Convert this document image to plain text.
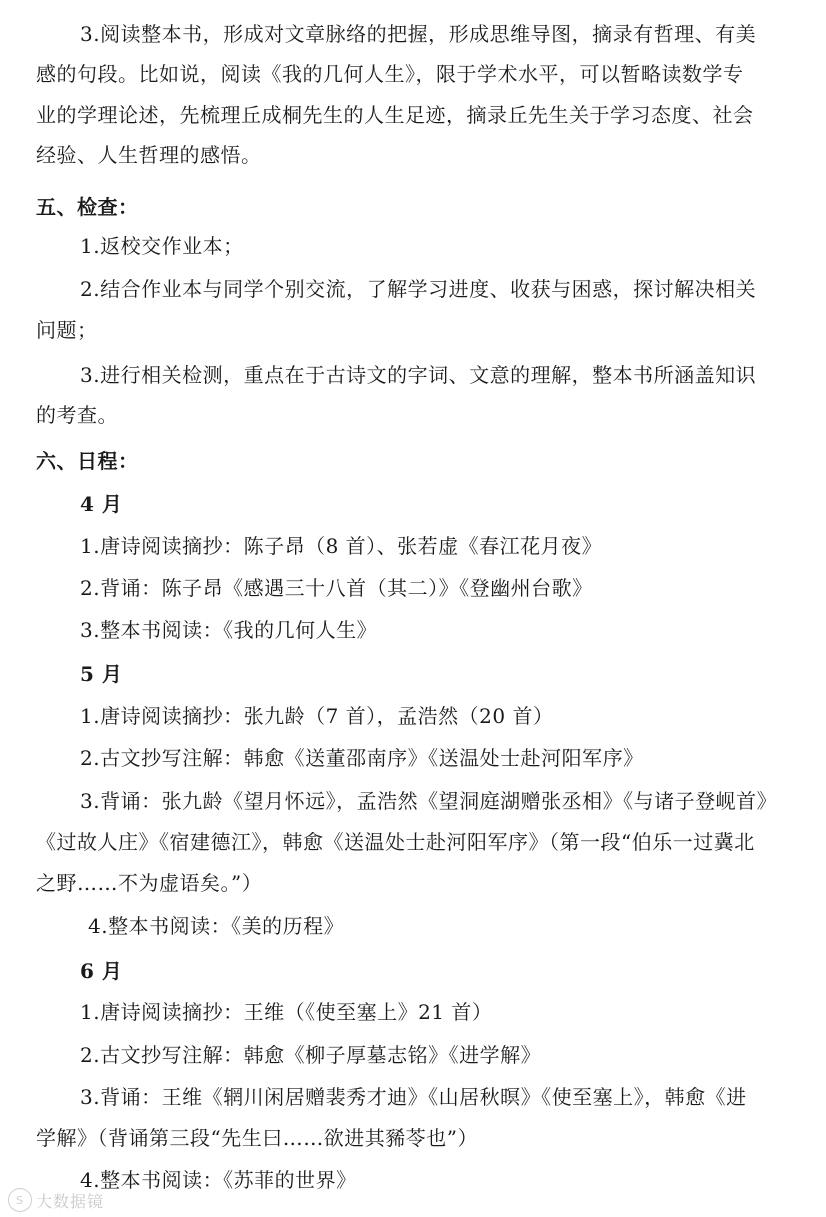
3.阅读整本书，形成对文章脉络的把握，形成思维导图，摘录有哲理、有美
感的句段。比如说，阅读《我的几何人生》，限于学术水平，可以暂略读数学专
业的学理论述，先梳理丘成桐先生的人生足迹，摘录丘先生关于学习态度、社会
经验、人生哲理的感悟。
五、检查：
1.返校交作业本；
2.结合作业本与同学个别交流，了解学习进度、收获与困惑，探讨解决相关
问题；
3.进行相关检测，重点在于古诗文的字词、文意的理解，整本书所涵盖知识
的考查。
六、日程：
4 月
1.唐诗阅读摘抄：陈子昂（8 首）、张若虚《春江花月夜》
2.背诵：陈子昂《感遇三十八首（其二）》《登幽州台歌》
3.整本书阅读：《我的几何人生》
5 月
1.唐诗阅读摘抄：张九龄（7 首），孟浩然（20 首）
2.古文抄写注解：韩愈《送董邵南序》《送温处士赴河阳军序》
3.背诵：张九龄《望月怀远》，孟浩然《望洞庭湖赠张丞相》《与诸子登岘首》
《过故人庄》《宿建德江》，韩愈《送温处士赴河阳军序》（第一段“伯乐一过冀北
之野……不为虚语矣。”）
4.整本书阅读：《美的历程》
6 月
1.唐诗阅读摘抄：王维（《使至塞上》21 首）
2.古文抄写注解：韩愈《柳子厚墓志铭》《进学解》
3.背诵：王维《辋川闲居赠裴秀才迪》《山居秋暝》《使至塞上》，韩愈《进
学解》（背诵第三段“先生曰……欲进其豨苓也”）
4.整本书阅读：《苏菲的世界》
S 大数据镜
